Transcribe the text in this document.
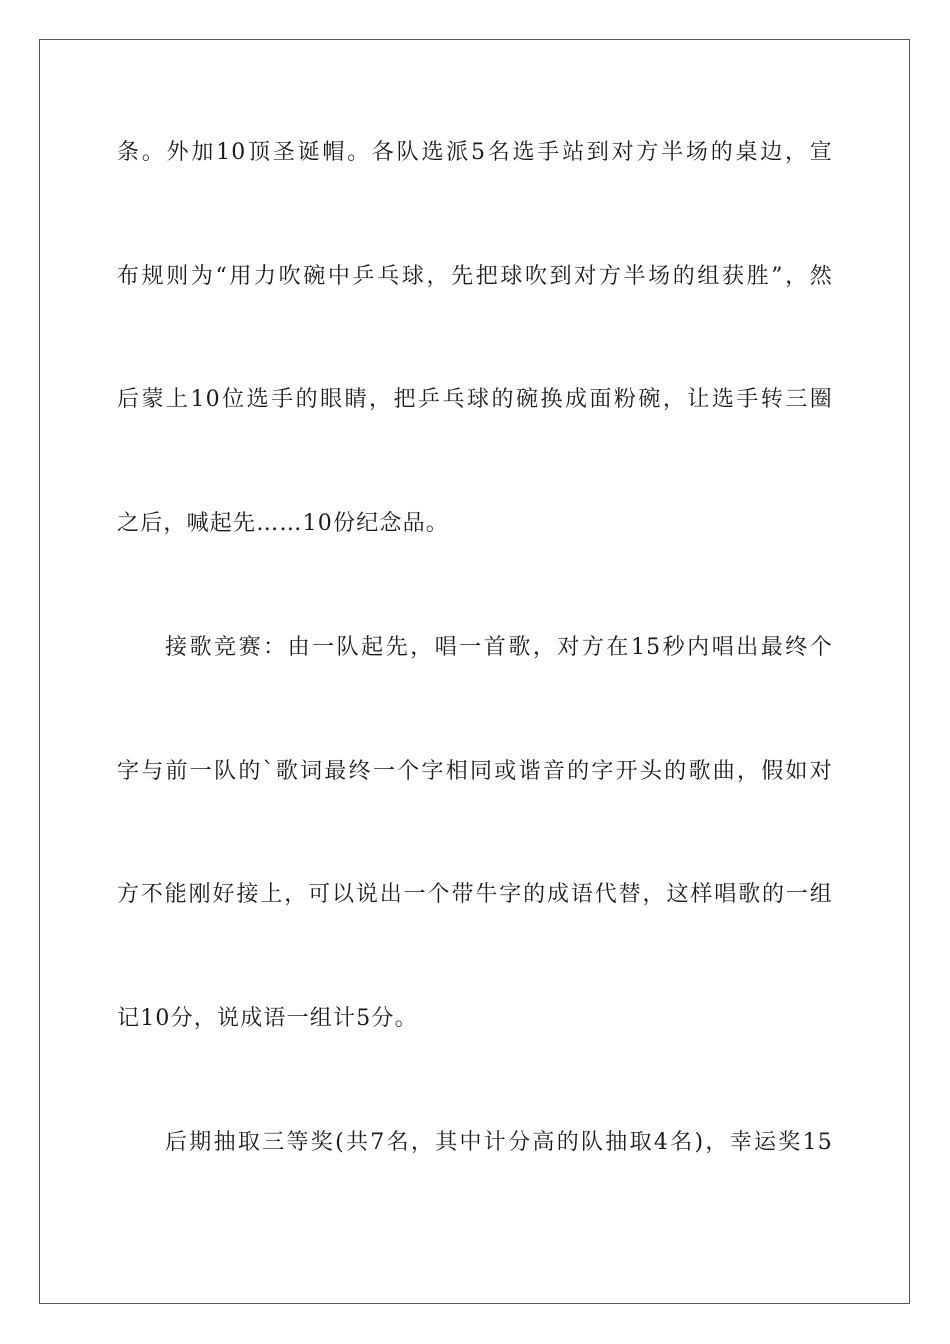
条。外加10顶圣诞帽。各队选派5名选手站到对方半场的桌边，宣
布规则为“用力吹碗中乒乓球，先把球吹到对方半场的组获胜”，然
后蒙上10位选手的眼睛，把乒乓球的碗换成面粉碗，让选手转三圈
之后，喊起先……10份纪念品。
接歌竞赛：由一队起先，唱一首歌，对方在15秒内唱出最终个
字与前一队的`歌词最终一个字相同或谐音的字开头的歌曲，假如对
方不能刚好接上，可以说出一个带牛字的成语代替，这样唱歌的一组
记10分，说成语一组计5分。
后期抽取三等奖(共7名，其中计分高的队抽取4名)，幸运奖15
